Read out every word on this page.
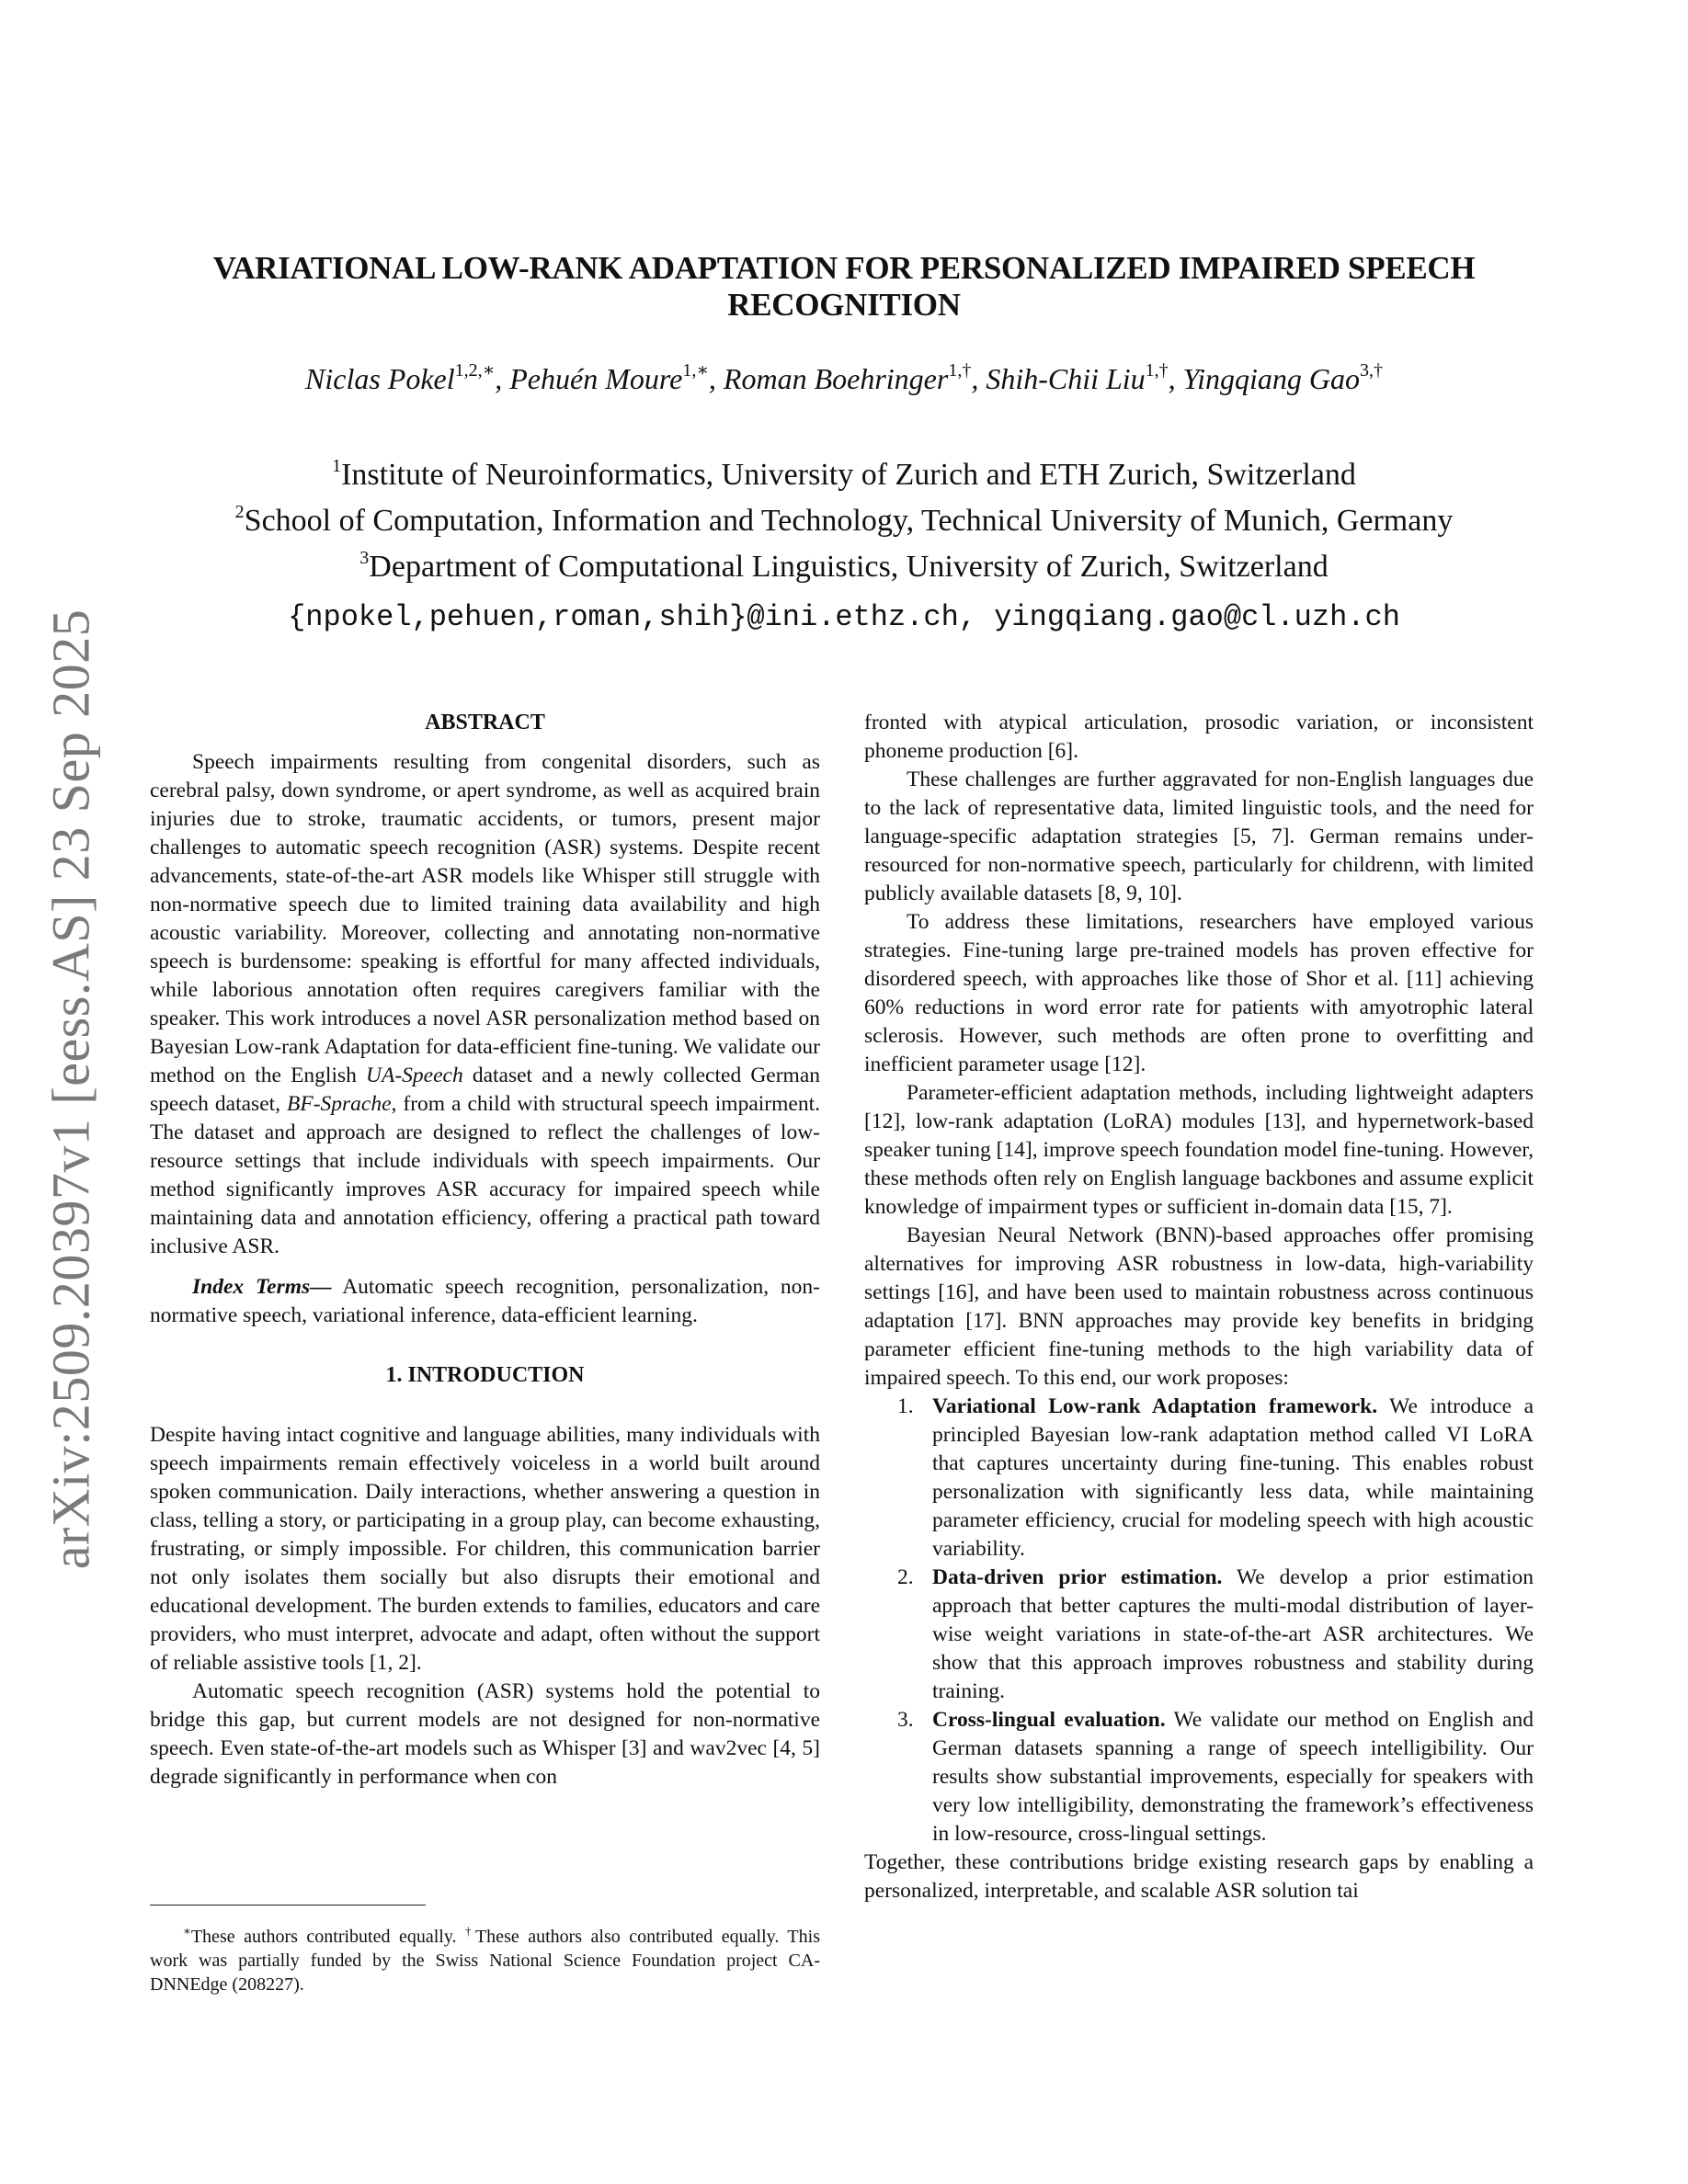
VARIATIONAL LOW-RANK ADAPTATION FOR PERSONALIZED IMPAIRED SPEECH
RECOGNITION
Niclas Pokel$^{1,2,∗}$, Pehuén Moure$^{1,∗}$, Roman Boehringer$^{1,\dagger}$, Shih-Chii Liu$^{1,\dagger}$, Yingqiang Gao$^{3,\dagger}$
$^1$Institute of Neuroinformatics, University of Zurich and ETH Zurich, Switzerland
$^2$School of Computation, Information and Technology, Technical University of Munich, Germany
$^3$Department of Computational Linguistics, University of Zurich, Switzerland
{npokel,pehuen,roman,shih}@ini.ethz.ch, yingqiang.gao@cl.uzh.ch
arXiv:2509.20397v1 [eess.AS] 23 Sep 2025	ABSTRACT

Speech impairments resulting from congenital disorders, such as cerebral palsy, down syndrome, or apert syndrome, as well as acquired brain injuries due to stroke, traumatic accidents, or tumors, present major challenges to automatic speech recognition (ASR) systems. Despite recent advancements, state-of-the-art ASR models like Whisper still struggle with non-normative speech due to limited training data availability and high acoustic variability. Moreover, collecting and annotating non-normative speech is burdensome: speaking is effortful for many affected individuals, while laborious annotation often requires caregivers familiar with the speaker. This work introduces a novel ASR personalization method based on Bayesian Low-rank Adaptation for data-efficient fine-tuning. We validate our method on the English UA-Speech dataset and a newly collected German speech dataset, BF-Sprache, from a child with structural speech impairment. The dataset and approach are designed to reflect the challenges of low-resource settings that include individuals with speech impairments. Our method significantly improves ASR accuracy for impaired speech while maintaining data and annotation efficiency, offering a practical path toward inclusive ASR.

Index Terms— Automatic speech recognition, personalization, non-normative speech, variational inference, data-efficient learning.

1. INTRODUCTION

Despite having intact cognitive and language abilities, many individuals with speech impairments remain effectively voiceless in a world built around spoken communication. Daily interactions, whether answering a question in class, telling a story, or participating in a group play, can become exhausting, frustrating, or simply impossible. For children, this communication barrier not only isolates them socially but also disrupts their emotional and educational development. The burden extends to families, educators and care providers, who must interpret, advocate and adapt, often without the support of reliable assistive tools [1, 2].

Automatic speech recognition (ASR) systems hold the potential to bridge this gap, but current models are not designed for non-normative speech. Even state-of-the-art models such as Whisper [3] and wav2vec [4, 5] degrade significantly in performance when con

∗These authors contributed equally. †These authors also contributed equally. This work was partially funded by the Swiss National Science Foundation project CA-DNNEdge (208227).

fronted with atypical articulation, prosodic variation, or inconsistent phoneme production [6].

These challenges are further aggravated for non-English languages due to the lack of representative data, limited linguistic tools, and the need for language-specific adaptation strategies [5, 7]. German remains under-resourced for non-normative speech, particularly for childrenn, with limited publicly available datasets [8, 9, 10].

To address these limitations, researchers have employed various strategies. Fine-tuning large pre-trained models has proven effective for disordered speech, with approaches like those of Shor et al. [11] achieving 60% reductions in word error rate for patients with amyotrophic lateral sclerosis. However, such methods are often prone to overfitting and inefficient parameter usage [12].

Parameter-efficient adaptation methods, including lightweight adapters [12], low-rank adaptation (LoRA) modules [13], and hypernetwork-based speaker tuning [14], improve speech foundation model fine-tuning. However, these methods often rely on English language backbones and assume explicit knowledge of impairment types or sufficient in-domain data [15, 7].

Bayesian Neural Network (BNN)-based approaches offer promising alternatives for improving ASR robustness in low-data, high-variability settings [16], and have been used to maintain robustness across continuous adaptation [17]. BNN approaches may provide key benefits in bridging parameter efficient fine-tuning methods to the high variability data of impaired speech. To this end, our work proposes:

1. Variational Low-rank Adaptation framework. We introduce a principled Bayesian low-rank adaptation method called VI LoRA that captures uncertainty during fine-tuning. This enables robust personalization with significantly less data, while maintaining parameter efficiency, crucial for modeling speech with high acoustic variability.
2. Data-driven prior estimation. We develop a prior estimation approach that better captures the multi-modal distribution of layer-wise weight variations in state-of-the-art ASR architectures. We show that this approach improves robustness and stability during training.
3. Cross-lingual evaluation. We validate our method on English and German datasets spanning a range of speech intelligibility. Our results show substantial improvements, especially for speakers with very low intelligibility, demonstrating the framework’s effectiveness in low-resource, cross-lingual settings.

Together, these contributions bridge existing research gaps by enabling a personalized, interpretable, and scalable ASR solution tai
